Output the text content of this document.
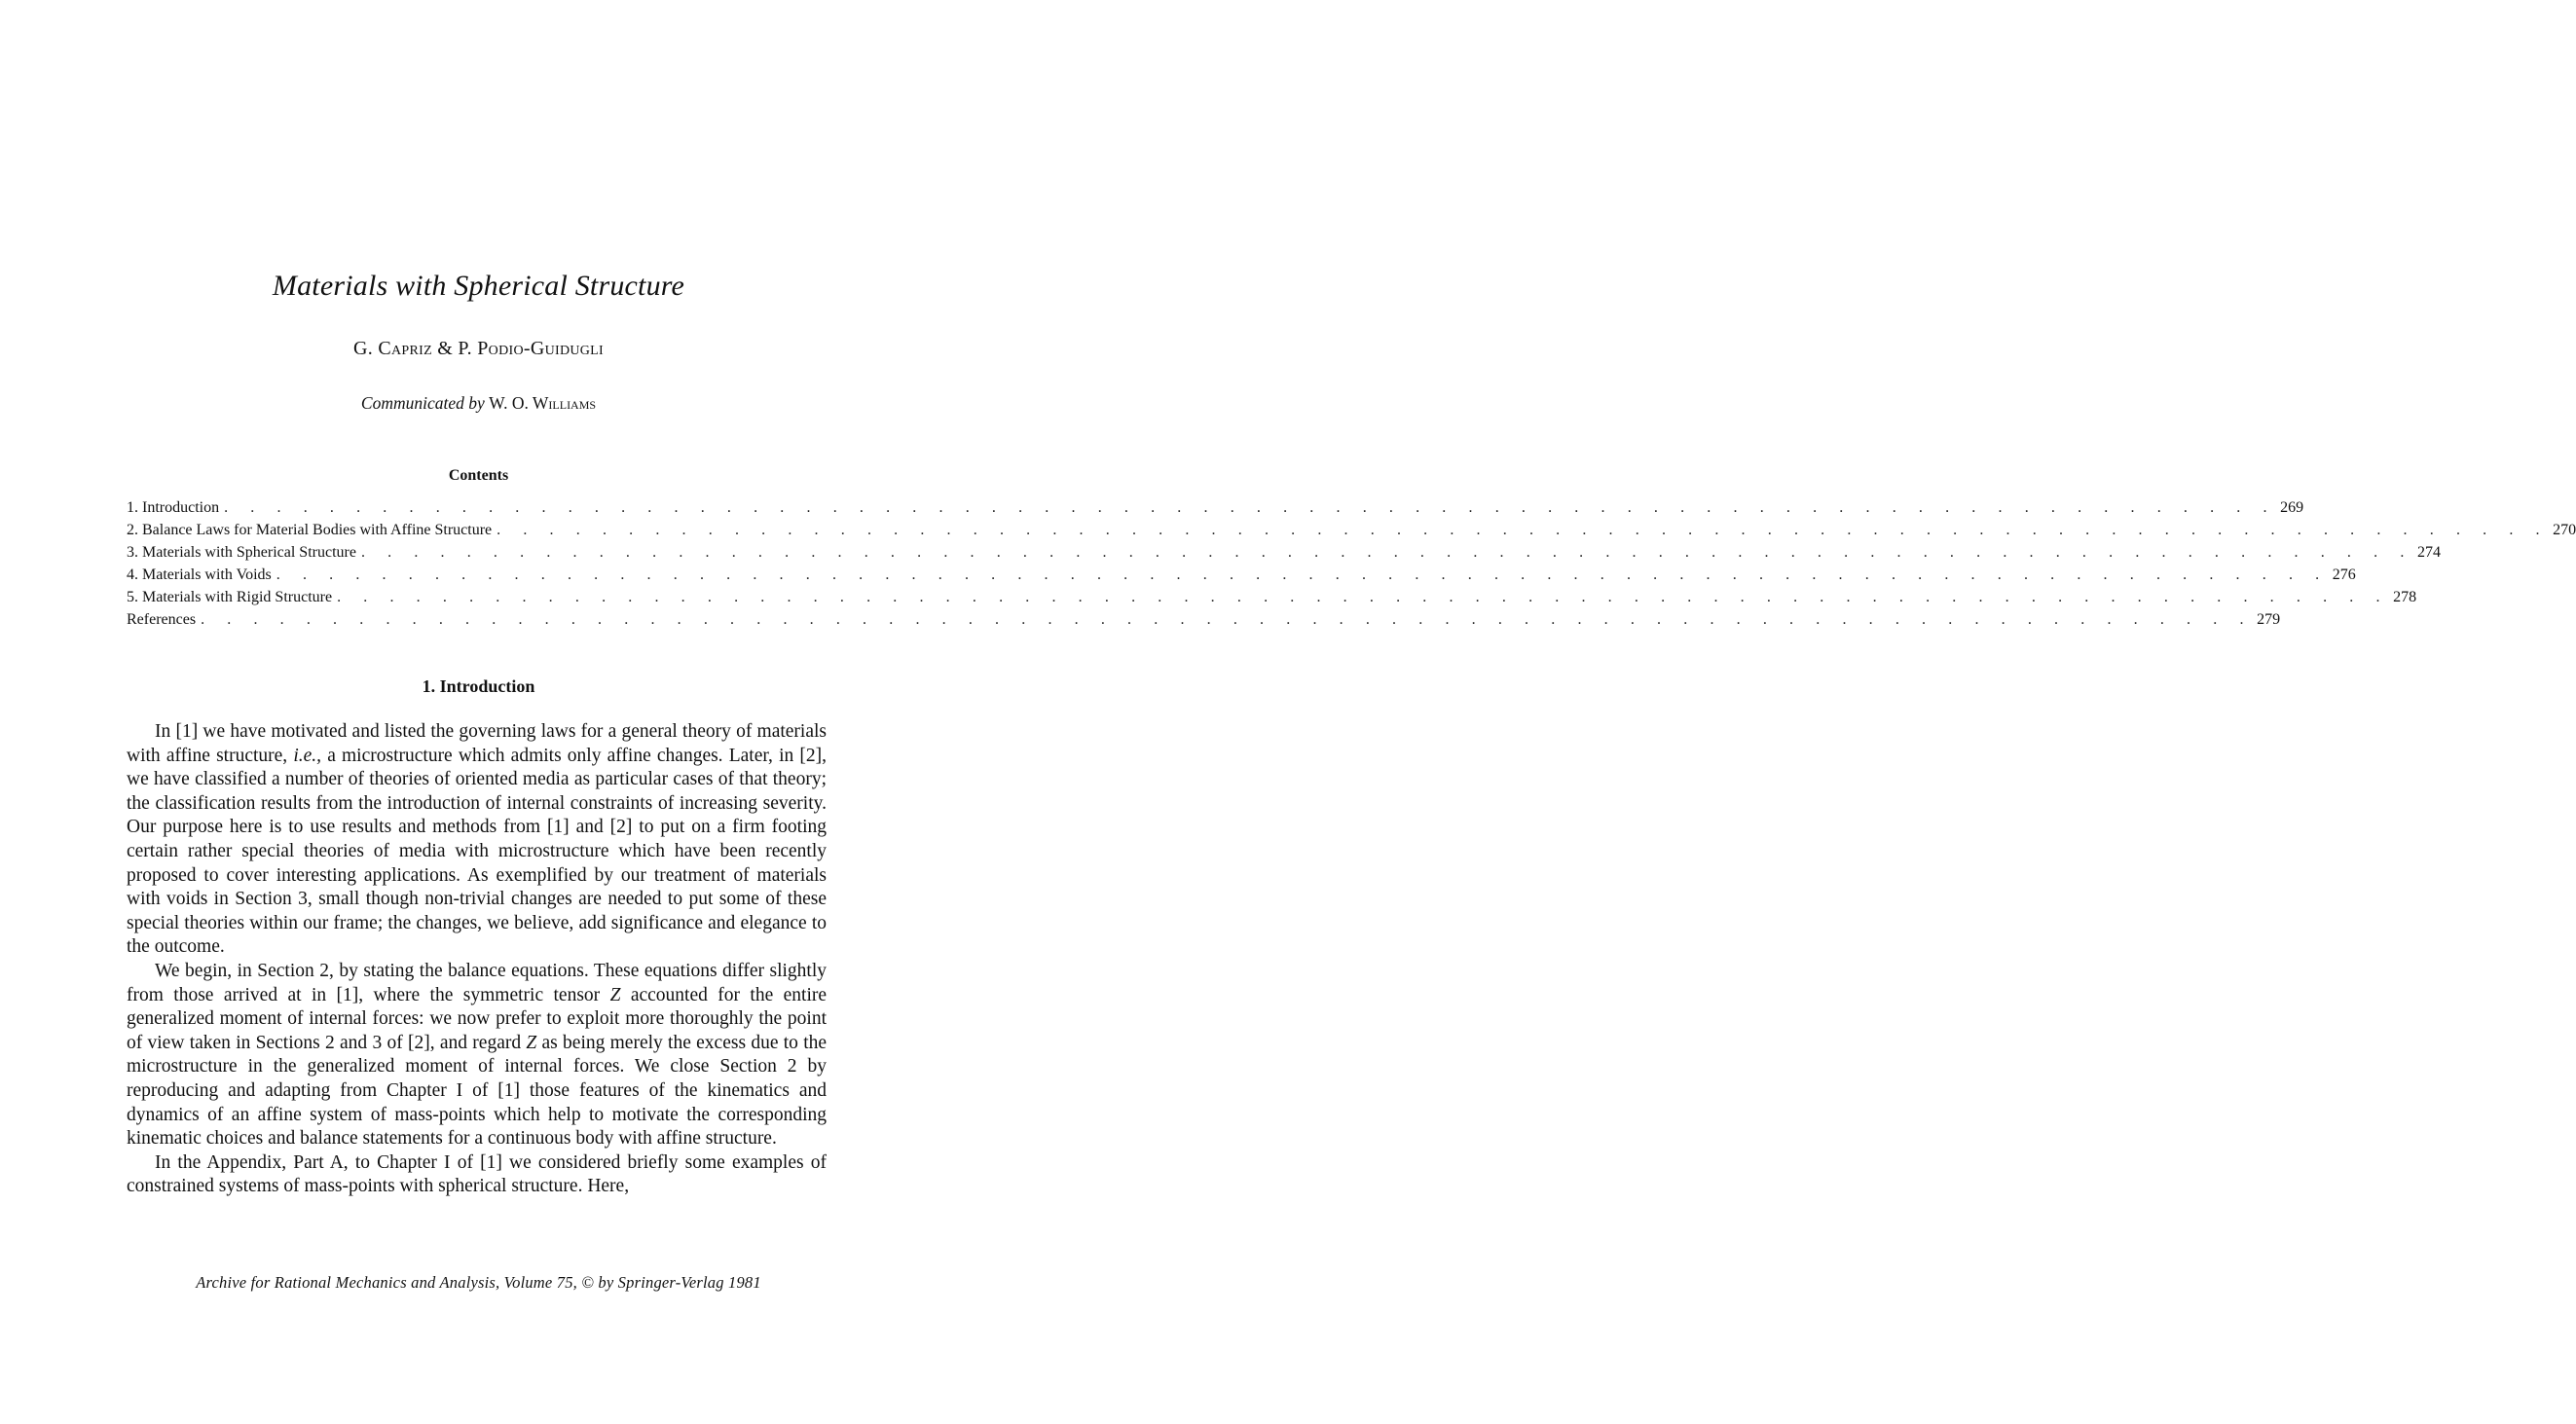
Materials with Spherical Structure
G. Capriz & P. Podio-Guidugli
Communicated by W. O. Williams
Contents
1. Introduction . . . . . . . . . . . . . . . . . . . . . . . . . . . . . . . . . . . . . . . . . . . . . . . . . . . . . . . . . . . . . . . . . . . . . . . . . . . . . . 269
2. Balance Laws for Material Bodies with Affine Structure . . . . . . . . . . . . . . . . . . . . . . . . . . . . . . . . . . . . . . . . . . . . . . . . . . . . . . . . . . . . . . . . . . . . . . . . . . . . . . 270
3. Materials with Spherical Structure . . . . . . . . . . . . . . . . . . . . . . . . . . . . . . . . . . . . . . . . . . . . . . . . . . . . . . . . . . . . . . . . . . . . . . . . . . . . . . 274
4. Materials with Voids . . . . . . . . . . . . . . . . . . . . . . . . . . . . . . . . . . . . . . . . . . . . . . . . . . . . . . . . . . . . . . . . . . . . . . . . . . . . . . 276
5. Materials with Rigid Structure . . . . . . . . . . . . . . . . . . . . . . . . . . . . . . . . . . . . . . . . . . . . . . . . . . . . . . . . . . . . . . . . . . . . . . . . . . . . . . 278
References . . . . . . . . . . . . . . . . . . . . . . . . . . . . . . . . . . . . . . . . . . . . . . . . . . . . . . . . . . . . . . . . . . . . . . . . . . . . . . 279
1. Introduction

In [1] we have motivated and listed the governing laws for a general theory of materials with affine structure, i.e., a microstructure which admits only affine changes. Later, in [2], we have classified a number of theories of oriented media as particular cases of that theory; the classification results from the introduction of internal constraints of increasing severity. Our purpose here is to use results and methods from [1] and [2] to put on a firm footing certain rather special theories of media with microstructure which have been recently proposed to cover interesting applications. As exemplified by our treatment of materials with voids in Section 3, small though non-trivial changes are needed to put some of these special theories within our frame; the changes, we believe, add significance and elegance to the outcome.

We begin, in Section 2, by stating the balance equations. These equations differ slightly from those arrived at in [1], where the symmetric tensor Z accounted for the entire generalized moment of internal forces: we now prefer to exploit more thoroughly the point of view taken in Sections 2 and 3 of [2], and regard Z as being merely the excess due to the microstructure in the generalized moment of internal forces. We close Section 2 by reproducing and adapting from Chapter I of [1] those features of the kinematics and dynamics of an affine system of mass-points which help to motivate the corresponding kinematic choices and balance statements for a continuous body with affine structure.

In the Appendix, Part A, to Chapter I of [1] we considered briefly some examples of constrained systems of mass-points with spherical structure. Here,

Archive for Rational Mechanics and Analysis, Volume 75, © by Springer-Verlag 1981
